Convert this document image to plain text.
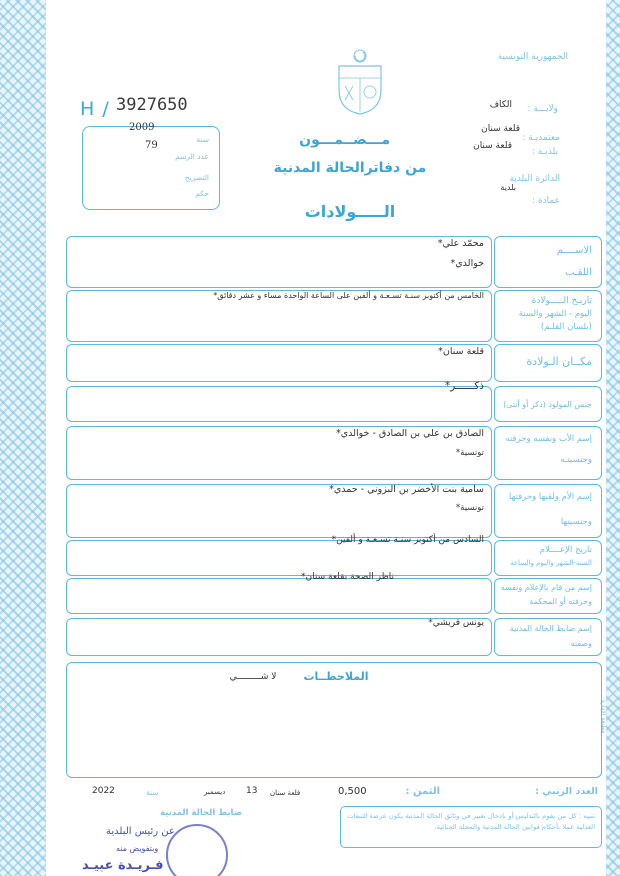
الجمهورية التونسية
H / 3927650
سنة
2009
عدد الرسم
79
التصريح
حكم
مـــضــمـــون
من دفاترالحالة المدنية
الـــــولادات
ولايـــة :
الكاف
معتمديـة :
قلعة سنان
بلديـة :
قلعة سنان
الدائرة البلدية
بلدية
عمادة :
الاســــم
اللقـب
محمّد علي*
خوالدي*
تاريـخ الـــــولادة
اليوم - الشهر والسنة
(بلسان القلـم)
الخامس من أكتوبر سنـة تسـعـة و ألفين على الساعة الواحدة مساء و عشر دقائق*
مكــان الـولادة
قلعة سنان*
جنس المولود (ذكر أو أنثى)
ذكــــــر*
إسم الأب ونفسه وحرفته
وجنسيتـه
الصادق بن علي بن الصادق - خوالدي*
تونسية*
إسم الأم ولقبها وحرفتها
وجنسيتها
سامية بنت الأخضر بن البزوني - حمدي*
تونسية*
تاريخ الإعــــلام
السنة-الشهر واليوم والساعة
السادس من أكتوبر سنـة تسـعـة و ألفين*
إسم من قام بالإعلام ونفسه
وحرفته أو المحكمة
ناظر الصحة بقلعة سنان*
إسم ضابط الحالة المدنية
وصفته
يونس قريشي*
الملاحظــات
لا شـــــــــي
مطبعة الإدارة
العدد الرتبي :
الثمن :
0,500
قلعة سنان
ديسمبر 13
سنة
2022
ضابط الحالة المدنية	تنبيه : كل من يقوم بالتدليس أو بإدخال تغيير في وثائق الحالة المدنية يكون عرضة للتبعات العدلية عملا بأحكام قوانين الحالة المدنية والمجلة الجنائية.
عن رئيس البلدية
وبتفويض منه
فـريـدة عبيـد
